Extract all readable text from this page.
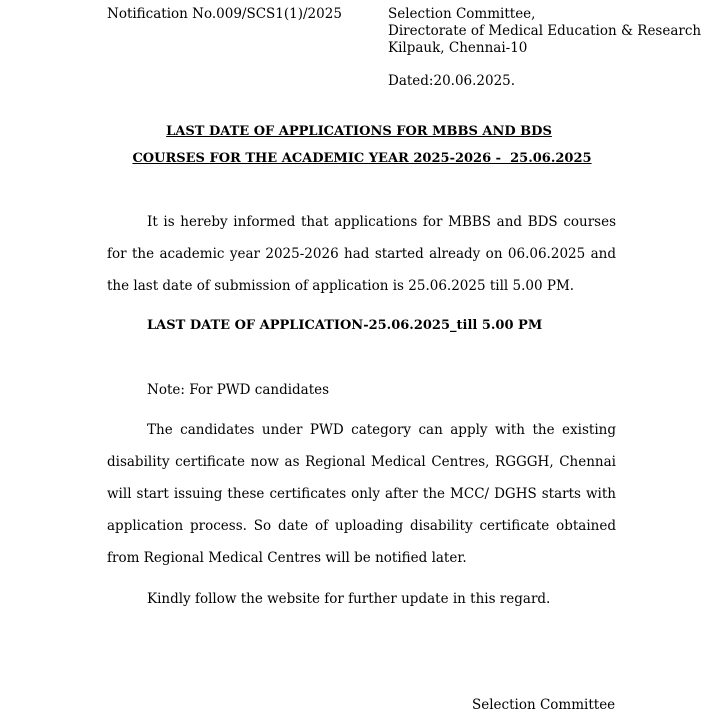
Notification No.009/SCS1(1)/2025	Selection Committee,
Directorate of Medical Education & Research
Kilpauk, Chennai-10
Dated:20.06.2025.
LAST DATE OF APPLICATIONS FOR MBBS AND BDS
COURSES FOR THE ACADEMIC YEAR 2025-2026 -  25.06.2025
It is hereby informed that applications for MBBS and BDS courses for the academic year 2025-2026 had started already on 06.06.2025 and the last date of submission of application is 25.06.2025 till 5.00 PM.
LAST DATE OF APPLICATION-25.06.2025_till 5.00 PM
Note: For PWD candidates
The candidates under PWD category can apply with the existing disability certificate now as Regional Medical Centres, RGGGH, Chennai will start issuing these certificates only after the MCC/ DGHS starts with application process. So date of uploading disability certificate obtained from Regional Medical Centres will be notified later.
Kindly follow the website for further update in this regard.
Selection Committee
